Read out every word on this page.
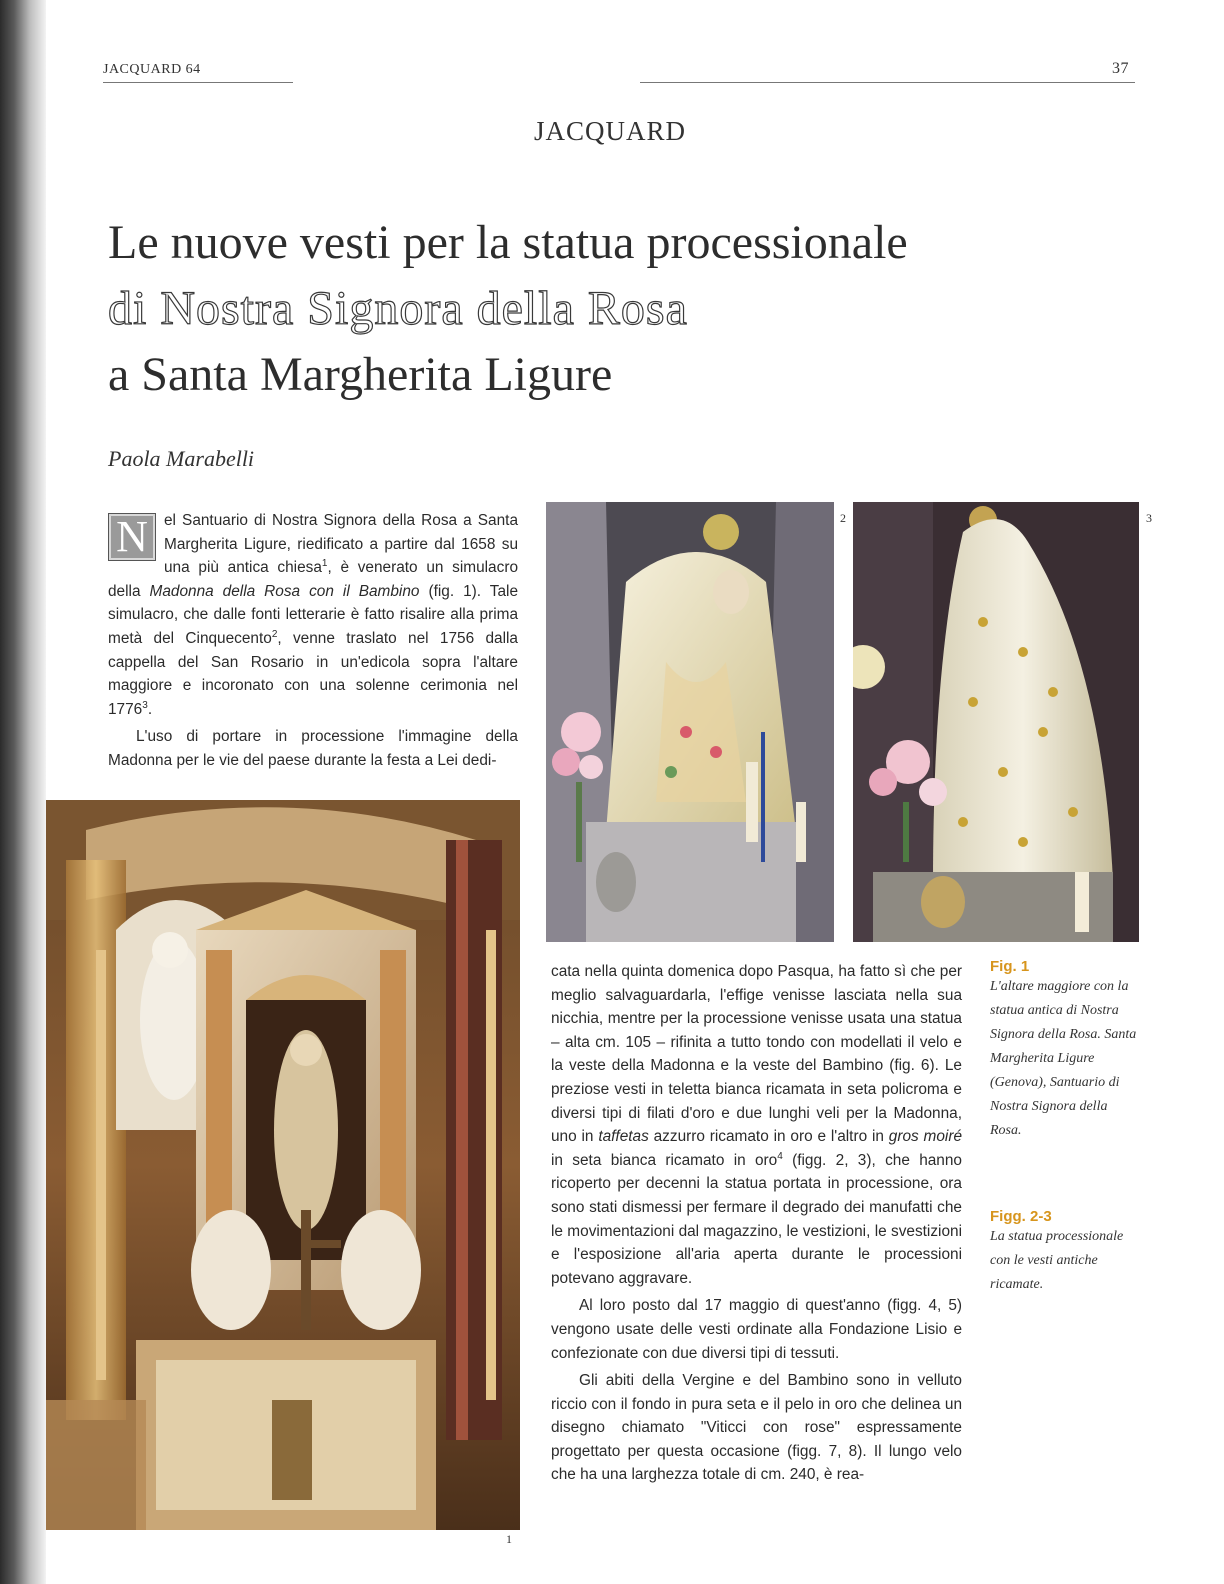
JACQUARD 64	37
JACQUARD
Le nuove vesti per la statua processionale
di Nostra Signora della Rosa
a Santa Margherita Ligure
Paola Marabelli

N	el Santuario di Nostra Signora della Rosa a Santa Margherita Ligure, riedificato a partire dal 1658 su una più antica chiesa$^1$, è venerato un simulacro della Madonna della Rosa con il Bambino (fig. 1). Tale simulacro, che dalle fonti letterarie è fatto risalire alla prima metà del Cinquecento$^2$, venne traslato nel 1756 dalla cappella del San Rosario in un'edicola sopra l'altare maggiore e incoronato con una solenne cerimonia nel 1776$^3$.

L'uso di portare in processione l'immagine della Madonna per le vie del paese durante la festa a Lei dedi-

1
2	3

cata nella quinta domenica dopo Pasqua, ha fatto sì che per meglio salvaguardarla, l'effige venisse lasciata nella sua nicchia, mentre per la processione venisse usata una statua – alta cm. 105 – rifinita a tutto tondo con modellati il velo e la veste della Madonna e la veste del Bambino (fig. 6). Le preziose vesti in teletta bianca ricamata in seta policroma e diversi tipi di filati d'oro e due lunghi veli per la Madonna, uno in taffetas azzurro ricamato in oro e l'altro in gros moiré in seta bianca ricamato in oro$^4$ (figg. 2, 3), che hanno ricoperto per decenni la statua portata in processione, ora sono stati dismessi per fermare il degrado dei manufatti che le movimentazioni dal magazzino, le vestizioni, le svestizioni e l'esposizione all'aria aperta durante le processioni potevano aggravare.

Al loro posto dal 17 maggio di quest'anno (figg. 4, 5) vengono usate delle vesti ordinate alla Fondazione Lisio e confezionate con due diversi tipi di tessuti.

Gli abiti della Vergine e del Bambino sono in velluto riccio con il fondo in pura seta e il pelo in oro che delinea un disegno chiamato "Viticci con rose" espressamente progettato per questa occasione (figg. 7, 8). Il lungo velo che ha una larghezza totale di cm. 240, è rea-

Fig. 1
L'altare maggiore con la statua antica di Nostra Signora della Rosa. Santa Margherita Ligure (Genova), Santuario di Nostra Signora della Rosa.
Figg. 2-3
La statua processionale con le vesti antiche ricamate.
